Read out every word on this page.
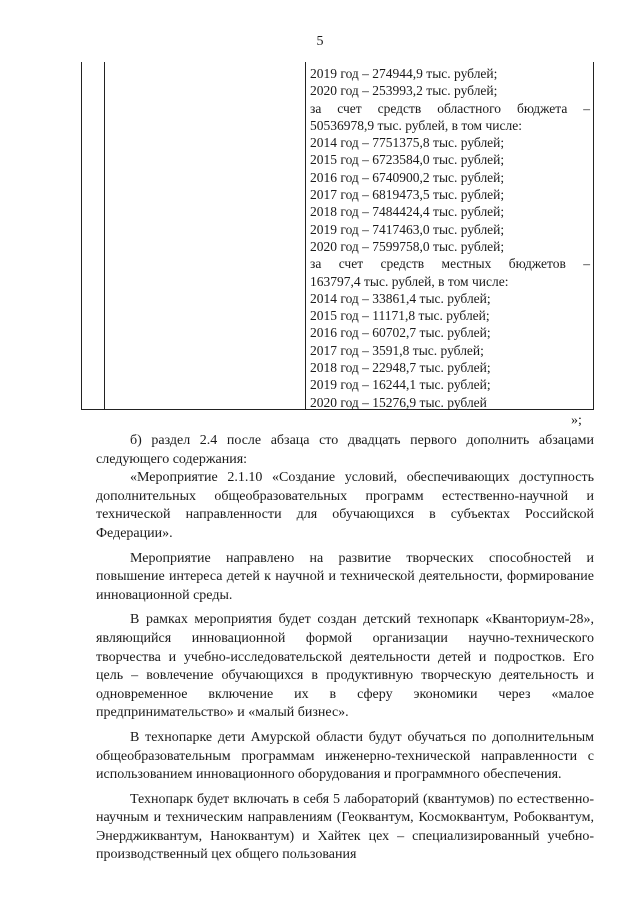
5
2019 год – 274944,9 тыс. рублей;
2020 год – 253993,2 тыс. рублей;
за счет средств областного бюджета –
50536978,9 тыс. рублей, в том числе:
2014 год – 7751375,8 тыс. рублей;
2015 год – 6723584,0 тыс. рублей;
2016 год – 6740900,2 тыс. рублей;
2017 год – 6819473,5 тыс. рублей;
2018 год – 7484424,4 тыс. рублей;
2019 год – 7417463,0 тыс. рублей;
2020 год – 7599758,0 тыс. рублей;
за счет средств местных бюджетов –
163797,4 тыс. рублей, в том числе:
2014 год – 33861,4 тыс. рублей;
2015 год – 11171,8 тыс. рублей;
2016 год – 60702,7 тыс. рублей;
2017 год – 3591,8 тыс. рублей;
2018 год – 22948,7 тыс. рублей;
2019 год – 16244,1 тыс. рублей;
2020 год – 15276,9 тыс. рублей
»;

б) раздел 2.4 после абзаца сто двадцать первого дополнить абзацами следующего содержания:

«Мероприятие 2.1.10 «Создание условий, обеспечивающих доступность дополнительных общеобразовательных программ естественно-научной и технической направленности для обучающихся в субъектах Российской Федерации».

Мероприятие направлено на развитие творческих способностей и повышение интереса детей к научной и технической деятельности, формирование инновационной среды.

В рамках мероприятия будет создан детский технопарк «Кванториум-28», являющийся инновационной формой организации научно-технического творчества и учебно-исследовательской деятельности детей и подростков. Его цель – вовлечение обучающихся в продуктивную творческую деятельность и одновременное включение их в сферу экономики через «малое предпринимательство» и «малый бизнес».

В технопарке дети Амурской области будут обучаться по дополнительным общеобразовательным программам инженерно-технической направленности с использованием инновационного оборудования и программного обеспечения.

Технопарк будет включать в себя 5 лабораторий (квантумов) по естественно-научным и техническим направлениям (Геоквантум, Космоквантум, Робоквантум, Энерджиквантум, Наноквантум) и Хайтек цех – специализированный учебно-производственный цех общего пользования
